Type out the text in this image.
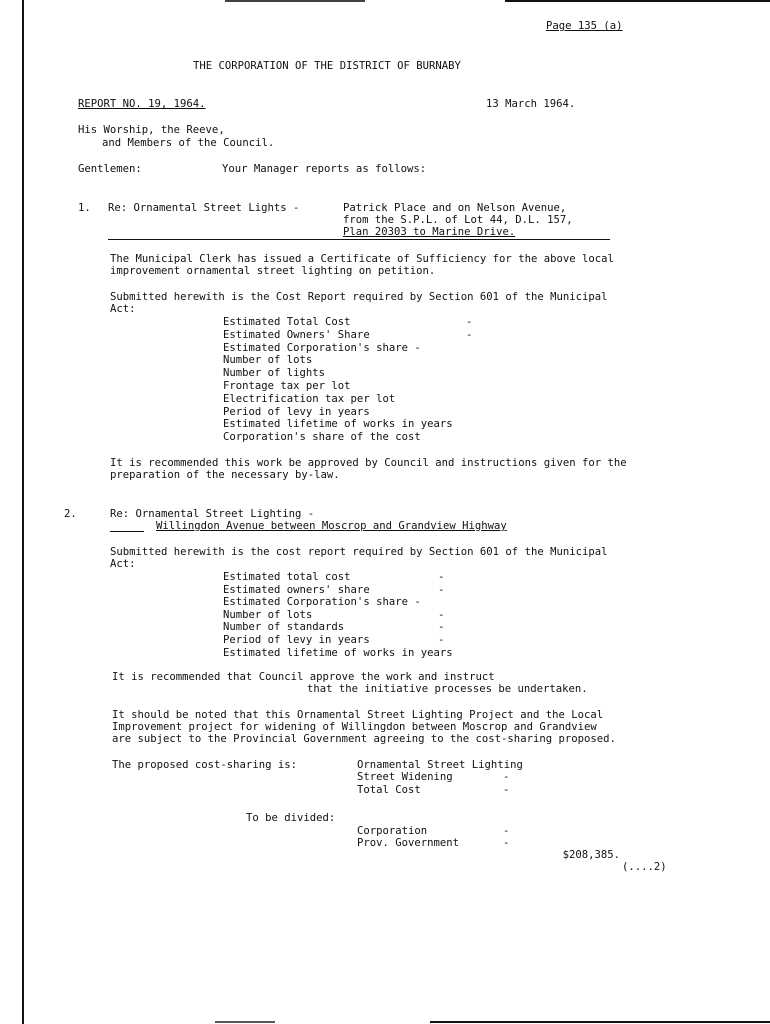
Page 135 (a)
THE CORPORATION OF THE DISTRICT OF BURNABY
REPORT NO. 19, 1964.	13 March 1964.
His Worship, the Reeve,
and Members of the Council.
Gentlemen:	Your Manager reports as follows:
1. Re: Ornamental Street Lights -	Patrick Place and on Nelson Avenue,
from the S.P.L. of Lot 44, D.L. 157,
Plan 20303 to Marine Drive.
The Municipal Clerk has issued a Certificate of Sufficiency for the above local
improvement ornamental street lighting on petition.
Submitted herewith is the Cost Report required by Section 601 of the Municipal
Act:
Estimated Total Cost	-
Estimated Owners' Share	-
Estimated Corporation's share -
Number of lots
Number of lights
Frontage tax per lot
Electrification tax per lot
Period of levy in years
Estimated lifetime of works in years
Corporation's share of the cost
It is recommended this work be approved by Council and instructions given for the
preparation of the necessary by-law.
2.	Re: Ornamental Street Lighting -
Willingdon Avenue between Moscrop and Grandview Highway
Submitted herewith is the cost report required by Section 601 of the Municipal
Act:
Estimated total cost	-
Estimated owners' share	-
Estimated Corporation's share -
Number of lots	-
Number of standards	-
Period of levy in years	-
Estimated lifetime of works in years
It is recommended that Council approve the work and instruct
that the initiative processes be undertaken.
It should be noted that this Ornamental Street Lighting Project and the Local
Improvement project for widening of Willingdon between Moscrop and Grandview
are subject to the Provincial Government agreeing to the cost-sharing proposed.
The proposed cost-sharing is:	Ornamental Street Lighting
Street Widening	-
Total Cost	-
To be divided:
Corporation	-
Prov. Government	-
$208,385.
(....2)
